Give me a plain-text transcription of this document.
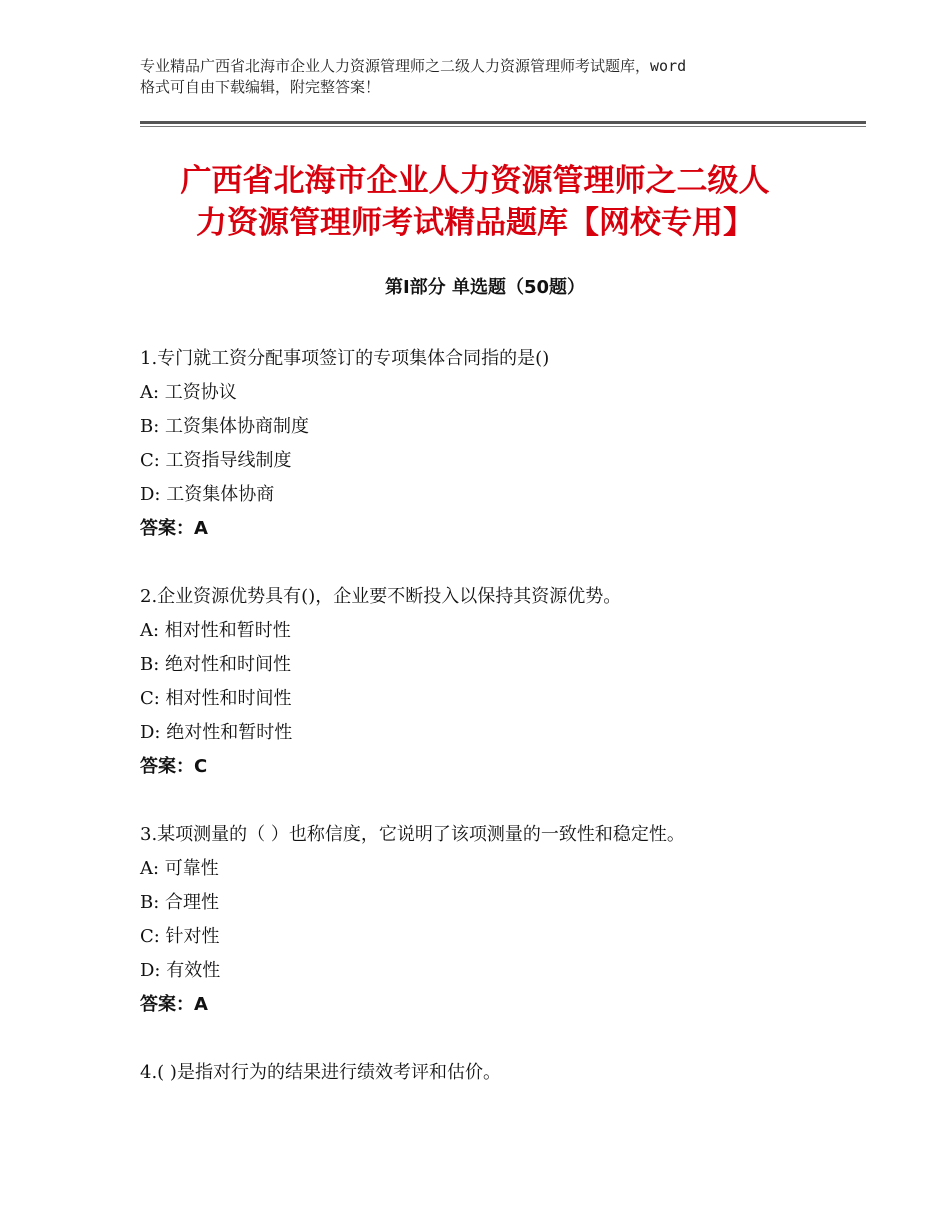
专业精品广西省北海市企业人力资源管理师之二级人力资源管理师考试题库，word
格式可自由下载编辑，附完整答案！
广西省北海市企业人力资源管理师之二级人
力资源管理师考试精品题库【网校专用】
第Ⅰ部分 单选题（50题）
1.专门就工资分配事项签订的专项集体合同指的是()
A: 工资协议
B: 工资集体协商制度
C: 工资指导线制度
D: 工资集体协商
答案：A
2.企业资源优势具有()，企业要不断投入以保持其资源优势。
A: 相对性和暂时性
B: 绝对性和时间性
C: 相对性和时间性
D: 绝对性和暂时性
答案：C
3.某项测量的（ ）也称信度，它说明了该项测量的一致性和稳定性。
A: 可靠性
B: 合理性
C: 针对性
D: 有效性
答案：A
4.( )是指对行为的结果进行绩效考评和估价。
